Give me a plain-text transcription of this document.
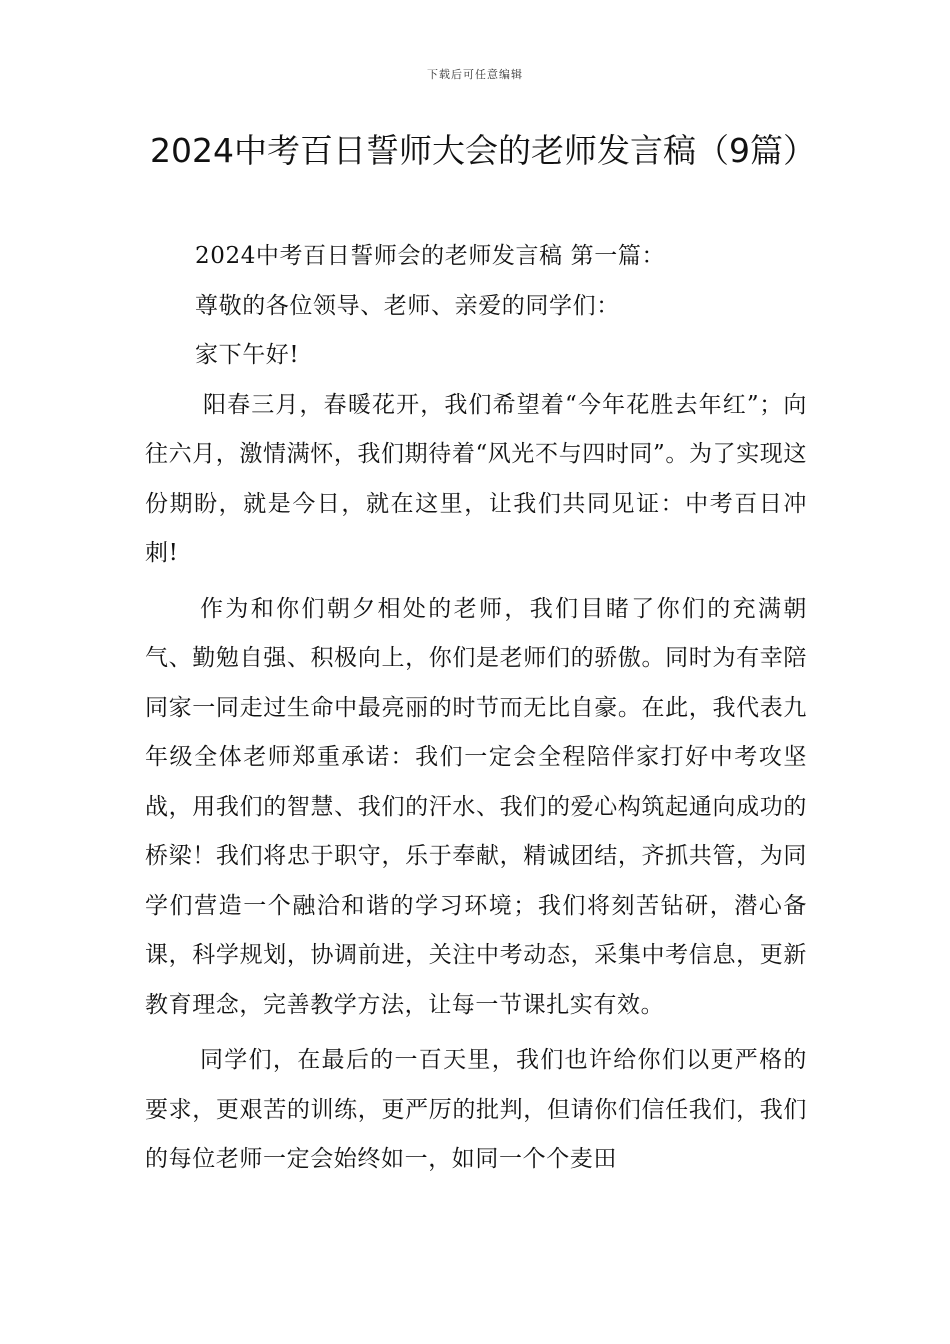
下载后可任意编辑
2024中考百日誓师大会的老师发言稿（9篇）

2024中考百日誓师会的老师发言稿 第一篇：

尊敬的各位领导、老师、亲爱的同学们：

家下午好!

阳春三月，春暖花开，我们希望着“今年花胜去年红”；向往六月，激情满怀，我们期待着“风光不与四时同”。为了实现这份期盼，就是今日，就在这里，让我们共同见证：中考百日冲刺!

作为和你们朝夕相处的老师，我们目睹了你们的充满朝气、勤勉自强、积极向上，你们是老师们的骄傲。同时为有幸陪同家一同走过生命中最亮丽的时节而无比自豪。在此，我代表九年级全体老师郑重承诺：我们一定会全程陪伴家打好中考攻坚战，用我们的智慧、我们的汗水、我们的爱心构筑起通向成功的桥梁！我们将忠于职守，乐于奉献，精诚团结，齐抓共管，为同学们营造一个融洽和谐的学习环境；我们将刻苦钻研，潜心备课，科学规划，协调前进，关注中考动态，采集中考信息，更新教育理念，完善教学方法，让每一节课扎实有效。

同学们，在最后的一百天里，我们也许给你们以更严格的要求，更艰苦的训练，更严厉的批判，但请你们信任我们，我们的每位老师一定会始终如一，如同一个个麦田
